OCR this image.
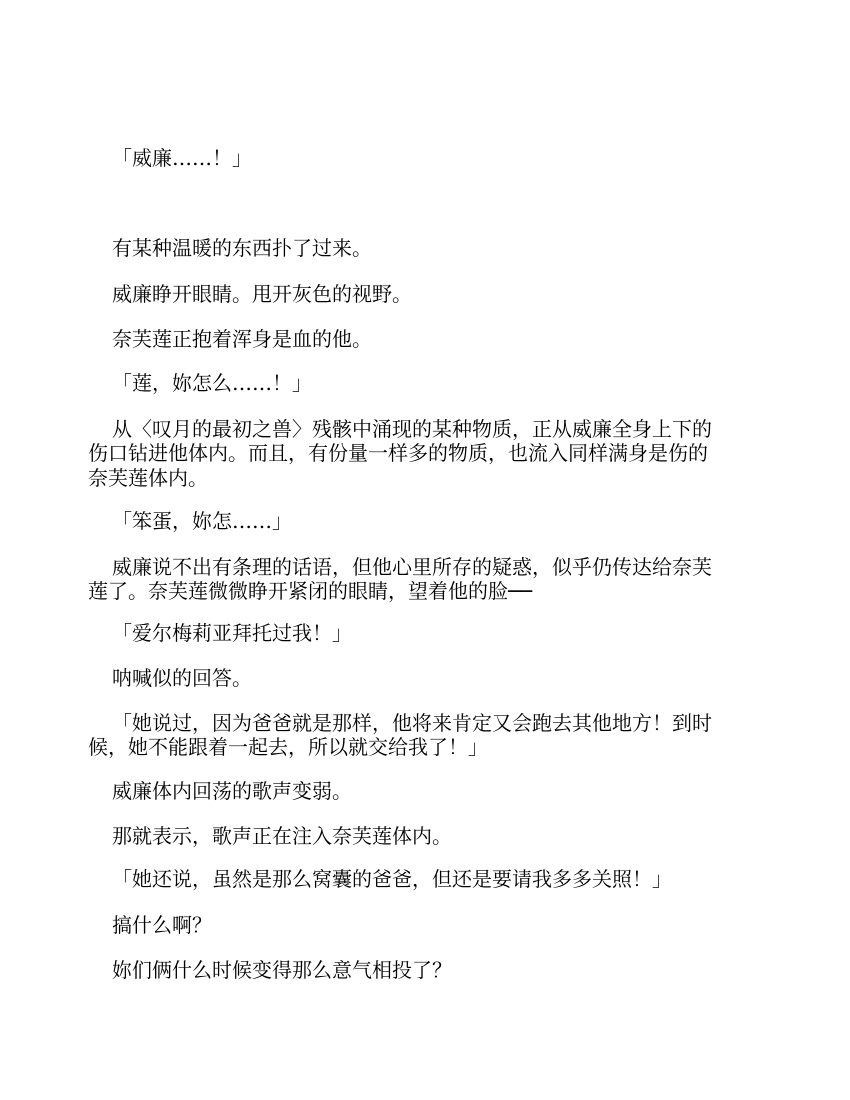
「威廉……！」

有某种温暖的东西扑了过来。

威廉睁开眼睛。甩开灰色的视野。

奈芙莲正抱着浑身是血的他。

「莲，妳怎么……！」

从〈叹月的最初之兽〉残骸中涌现的某种物质，正从威廉全身上下的

伤口钻进他体内。而且，有份量一样多的物质，也流入同样满身是伤的

奈芙莲体内。

「笨蛋，妳怎……」

威廉说不出有条理的话语，但他心里所存的疑惑，似乎仍传达给奈芙

莲了。奈芙莲微微睁开紧闭的眼睛，望着他的脸──

「爱尔梅莉亚拜托过我！」

呐喊似的回答。

「她说过，因为爸爸就是那样，他将来肯定又会跑去其他地方！到时

候，她不能跟着一起去，所以就交给我了！」

威廉体内回荡的歌声变弱。

那就表示，歌声正在注入奈芙莲体内。

「她还说，虽然是那么窝囊的爸爸，但还是要请我多多关照！」

搞什么啊？

妳们俩什么时候变得那么意气相投了？
